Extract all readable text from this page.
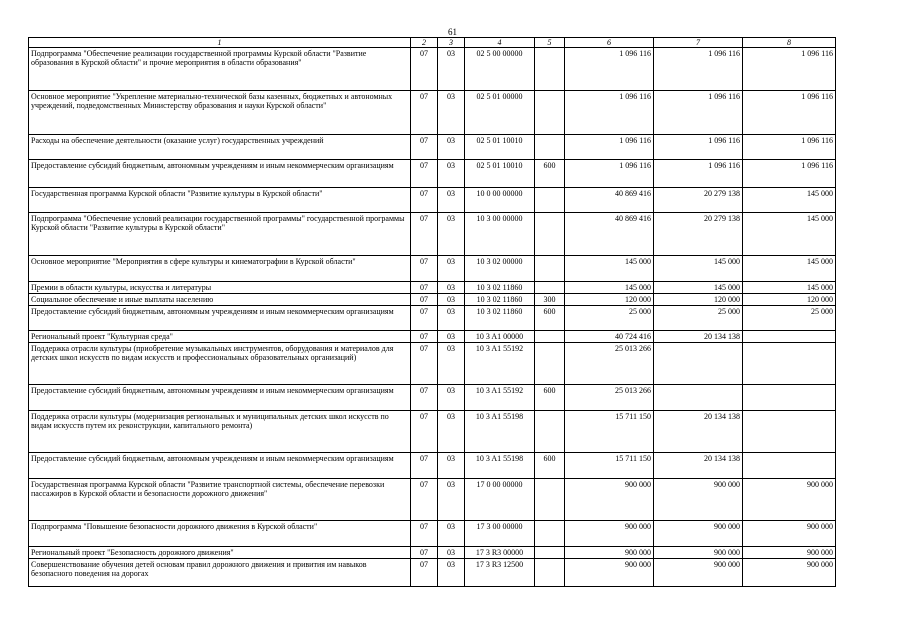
61
1	2	3	4	5	6	7	8
Подпрограмма "Обеспечение реализации государственной программы Курской области "Развитие образования в Курской области" и прочие мероприятия в области образования"	07	03	02 5 00 00000		1 096 116	1 096 116	1 096 116
Основное мероприятие "Укрепление материально-технической базы казенных, бюджетных и автономных учреждений, подведомственных Министерству образования и науки Курской области"	07	03	02 5 01 00000		1 096 116	1 096 116	1 096 116
Расходы на обеспечение деятельности (оказание услуг) государственных учреждений	07	03	02 5 01 10010		1 096 116	1 096 116	1 096 116
Предоставление субсидий бюджетным, автономным учреждениям и иным некоммерческим организациям	07	03	02 5 01 10010	600	1 096 116	1 096 116	1 096 116
Государственная программа Курской области "Развитие культуры в Курской области"	07	03	10 0 00 00000		40 869 416	20 279 138	145 000
Подпрограмма "Обеспечение условий реализации государственной программы" государственной программы Курской области "Развитие культуры в Курской области"	07	03	10 3 00 00000		40 869 416	20 279 138	145 000
Основное мероприятие "Мероприятия в сфере культуры и кинематографии в Курской области"	07	03	10 3 02 00000		145 000	145 000	145 000
Премии в области культуры, искусства и литературы	07	03	10 3 02 11860		145 000	145 000	145 000
Социальное обеспечение и иные выплаты населению	07	03	10 3 02 11860	300	120 000	120 000	120 000
Предоставление субсидий бюджетным, автономным учреждениям и иным некоммерческим организациям	07	03	10 3 02 11860	600	25 000	25 000	25 000
Региональный проект "Культурная среда"	07	03	10 3 A1 00000		40 724 416	20 134 138	
Поддержка отрасли культуры (приобретение музыкальных инструментов, оборудования и материалов для детских школ искусств по видам искусств и профессиональных образовательных организаций)	07	03	10 3 A1 55192		25 013 266		
Предоставление субсидий бюджетным, автономным учреждениям и иным некоммерческим организациям	07	03	10 3 A1 55192	600	25 013 266		
Поддержка отрасли культуры (модернизация региональных и муниципальных детских школ искусств по видам искусств путем их реконструкции, капитального ремонта)	07	03	10 3 A1 55198		15 711 150	20 134 138	
Предоставление субсидий бюджетным, автономным учреждениям и иным некоммерческим организациям	07	03	10 3 A1 55198	600	15 711 150	20 134 138	
Государственная программа Курской области "Развитие транспортной системы, обеспечение перевозки пассажиров в Курской области и безопасности дорожного движения"	07	03	17 0 00 00000		900 000	900 000	900 000
Подпрограмма "Повышение безопасности дорожного движения в Курской области"	07	03	17 3 00 00000		900 000	900 000	900 000
Региональный проект "Безопасность дорожного движения"	07	03	17 3 R3 00000		900 000	900 000	900 000
Совершенствование обучения детей основам правил дорожного движения и привития им навыков безопасного поведения на дорогах	07	03	17 3 R3 12500		900 000	900 000	900 000
